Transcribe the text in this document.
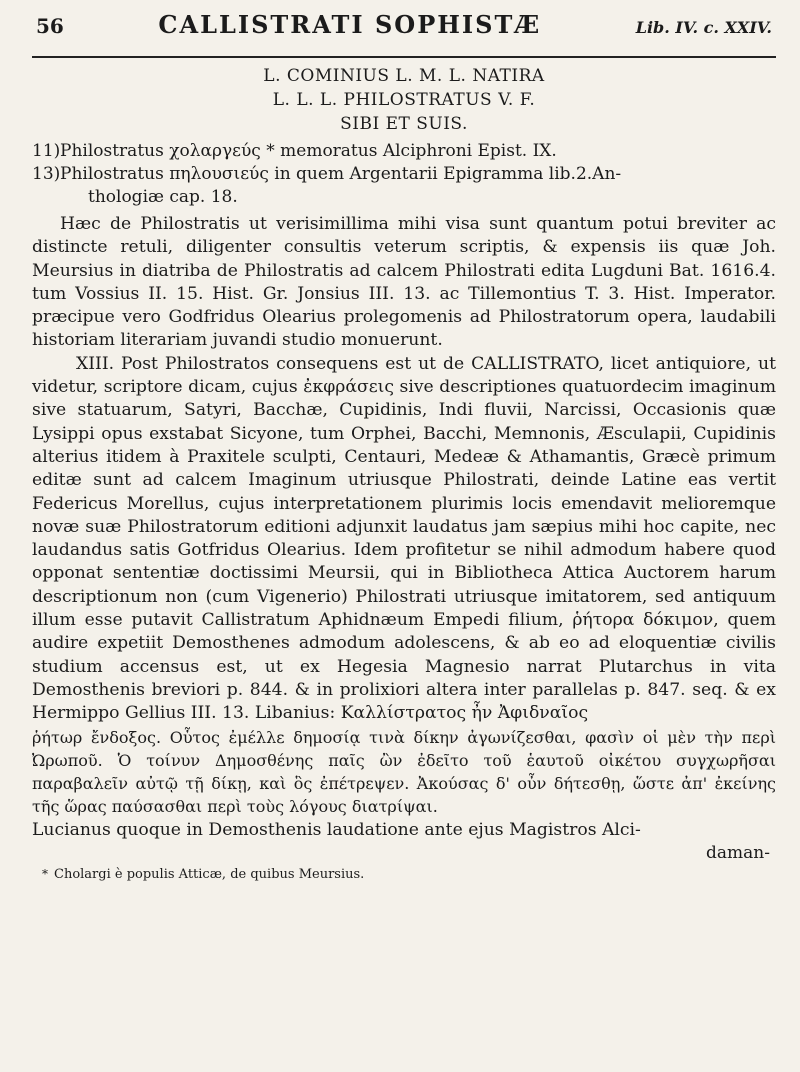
56	CALLISTRATI SOPHISTÆ	Lib. IV. c. XXIV.
L. COMINIUS L. M. L. NATIRA
L. L. L. PHILOSTRATUS V. F.
SIBI ET SUIS.
11) Philostratus χολαργεύς * memoratus Alciphroni Epist. IX.
13) Philostratus πηλουσιεύς in quem Argentarii Epigramma lib.2.An-
thologiæ cap. 18.

Hæc de Philostratis ut verisimillima mihi visa sunt quantum potui breviter ac distincte retuli, diligenter consultis veterum scriptis, & expensis iis quæ Joh. Meursius in diatriba de Philostratis ad calcem Philostrati edita Lugduni Bat. 1616.4. tum Vossius II. 15. Hist. Gr. Jonsius III. 13. ac Tillemontius T. 3. Hist. Imperator. præcipue vero Godfridus Olearius prolegomenis ad Philostratorum opera, laudabili historiam literariam juvandi studio monuerunt.

XIII. Post Philostratos consequens est ut de CALLISTRATO, licet antiquiore, ut videtur, scriptore dicam, cujus ἐκφράσεις sive descriptiones quatuordecim imaginum sive statuarum, Satyri, Bacchæ, Cupidinis, Indi fluvii, Narcissi, Occasionis quæ Lysippi opus exstabat Sicyone, tum Orphei, Bacchi, Memnonis, Æsculapii, Cupidinis alterius itidem à Praxitele sculpti, Centauri, Medeæ & Athamantis, Græcè primum editæ sunt ad calcem Imaginum utriusque Philostrati, deinde Latine eas vertit Federicus Morellus, cujus interpretationem plurimis locis emendavit melioremque novæ suæ Philostratorum editioni adjunxit laudatus jam sæpius mihi hoc capite, nec laudandus satis Gotfridus Olearius. Idem profitetur se nihil admodum habere quod opponat sententiæ doctissimi Meursii, qui in Bibliotheca Attica Auctorem harum descriptionum non (cum Vigenerio) Philostrati utriusque imitatorem, sed antiquum illum esse putavit Callistratum Aphidnæum Empedi filium, ῥήτορα δόκιμον, quem audire expetiit Demosthenes admodum adolescens, & ab eo ad eloquentiæ civilis studium accensus est, ut ex Hegesia Magnesio narrat Plutarchus in vita Demosthenis breviori p. 844. & in prolixiori altera inter parallelas p. 847. seq. & ex Hermippo Gellius III. 13. Libanius: Καλλίστρατος ἦν Ἀφιδναῖος

ῥήτωρ ἔνδοξος. Οὗτος ἐμέλλε δημοσίᾳ τινὰ δίκην ἀγωνίζεσθαι, φασὶν οἱ μὲν τὴν περὶ Ὠρωποῦ. Ὁ τοίνυν Δημοσθένης παῖς ὢν ἐδεῖτο τοῦ ἑαυτοῦ οἰκέτου συγχωρῆσαι παραβαλεῖν αὐτῷ τῇ δίκῃ, καὶ ὃς ἐπέτρεψεν. Ἀκούσας δ' οὖν δήτεσθῃ, ὥστε ἀπ' ἐκείνης τῆς ὥρας παύσασθαι περὶ τοὺς λόγους διατρίψαι.

Lucianus quoque in Demosthenis laudatione ante ejus Magistros Alci-

daman-
* Cholargi è populis Atticæ, de quibus Meursius.
